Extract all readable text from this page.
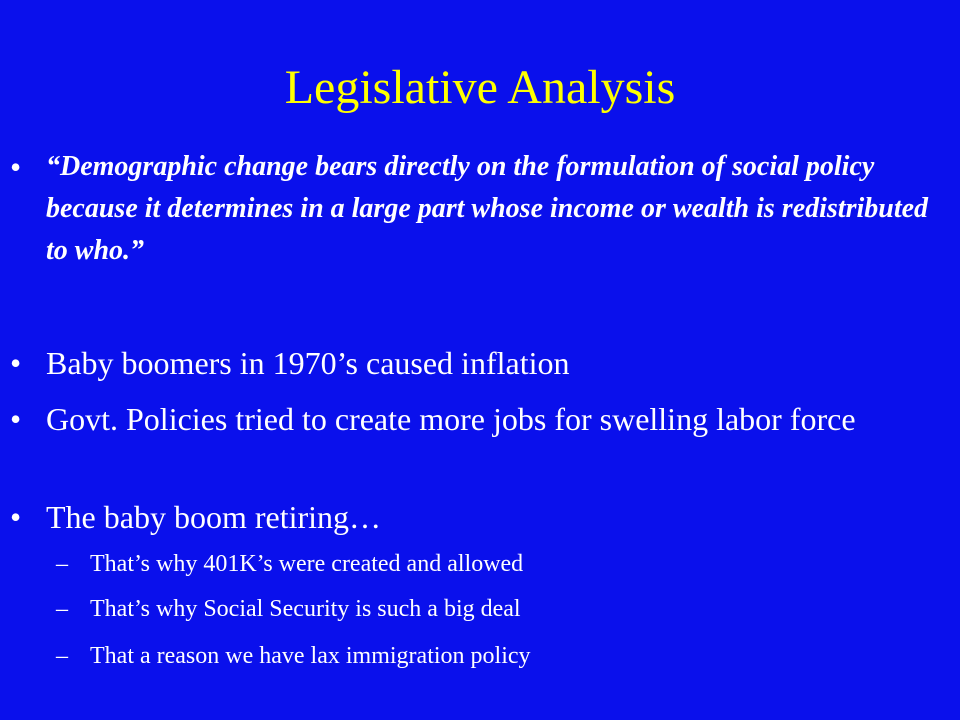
Legislative Analysis
• “Demographic change bears directly on the formulation of social policy because it determines in a large part whose income or wealth is redistributed to who.”
• Baby boomers in 1970’s caused inflation
• Govt. Policies tried to create more jobs for swelling labor force
• The baby boom retiring…
– That’s why 401K’s were created and allowed
– That’s why Social Security is such a big deal
– That a reason we have lax immigration policy
